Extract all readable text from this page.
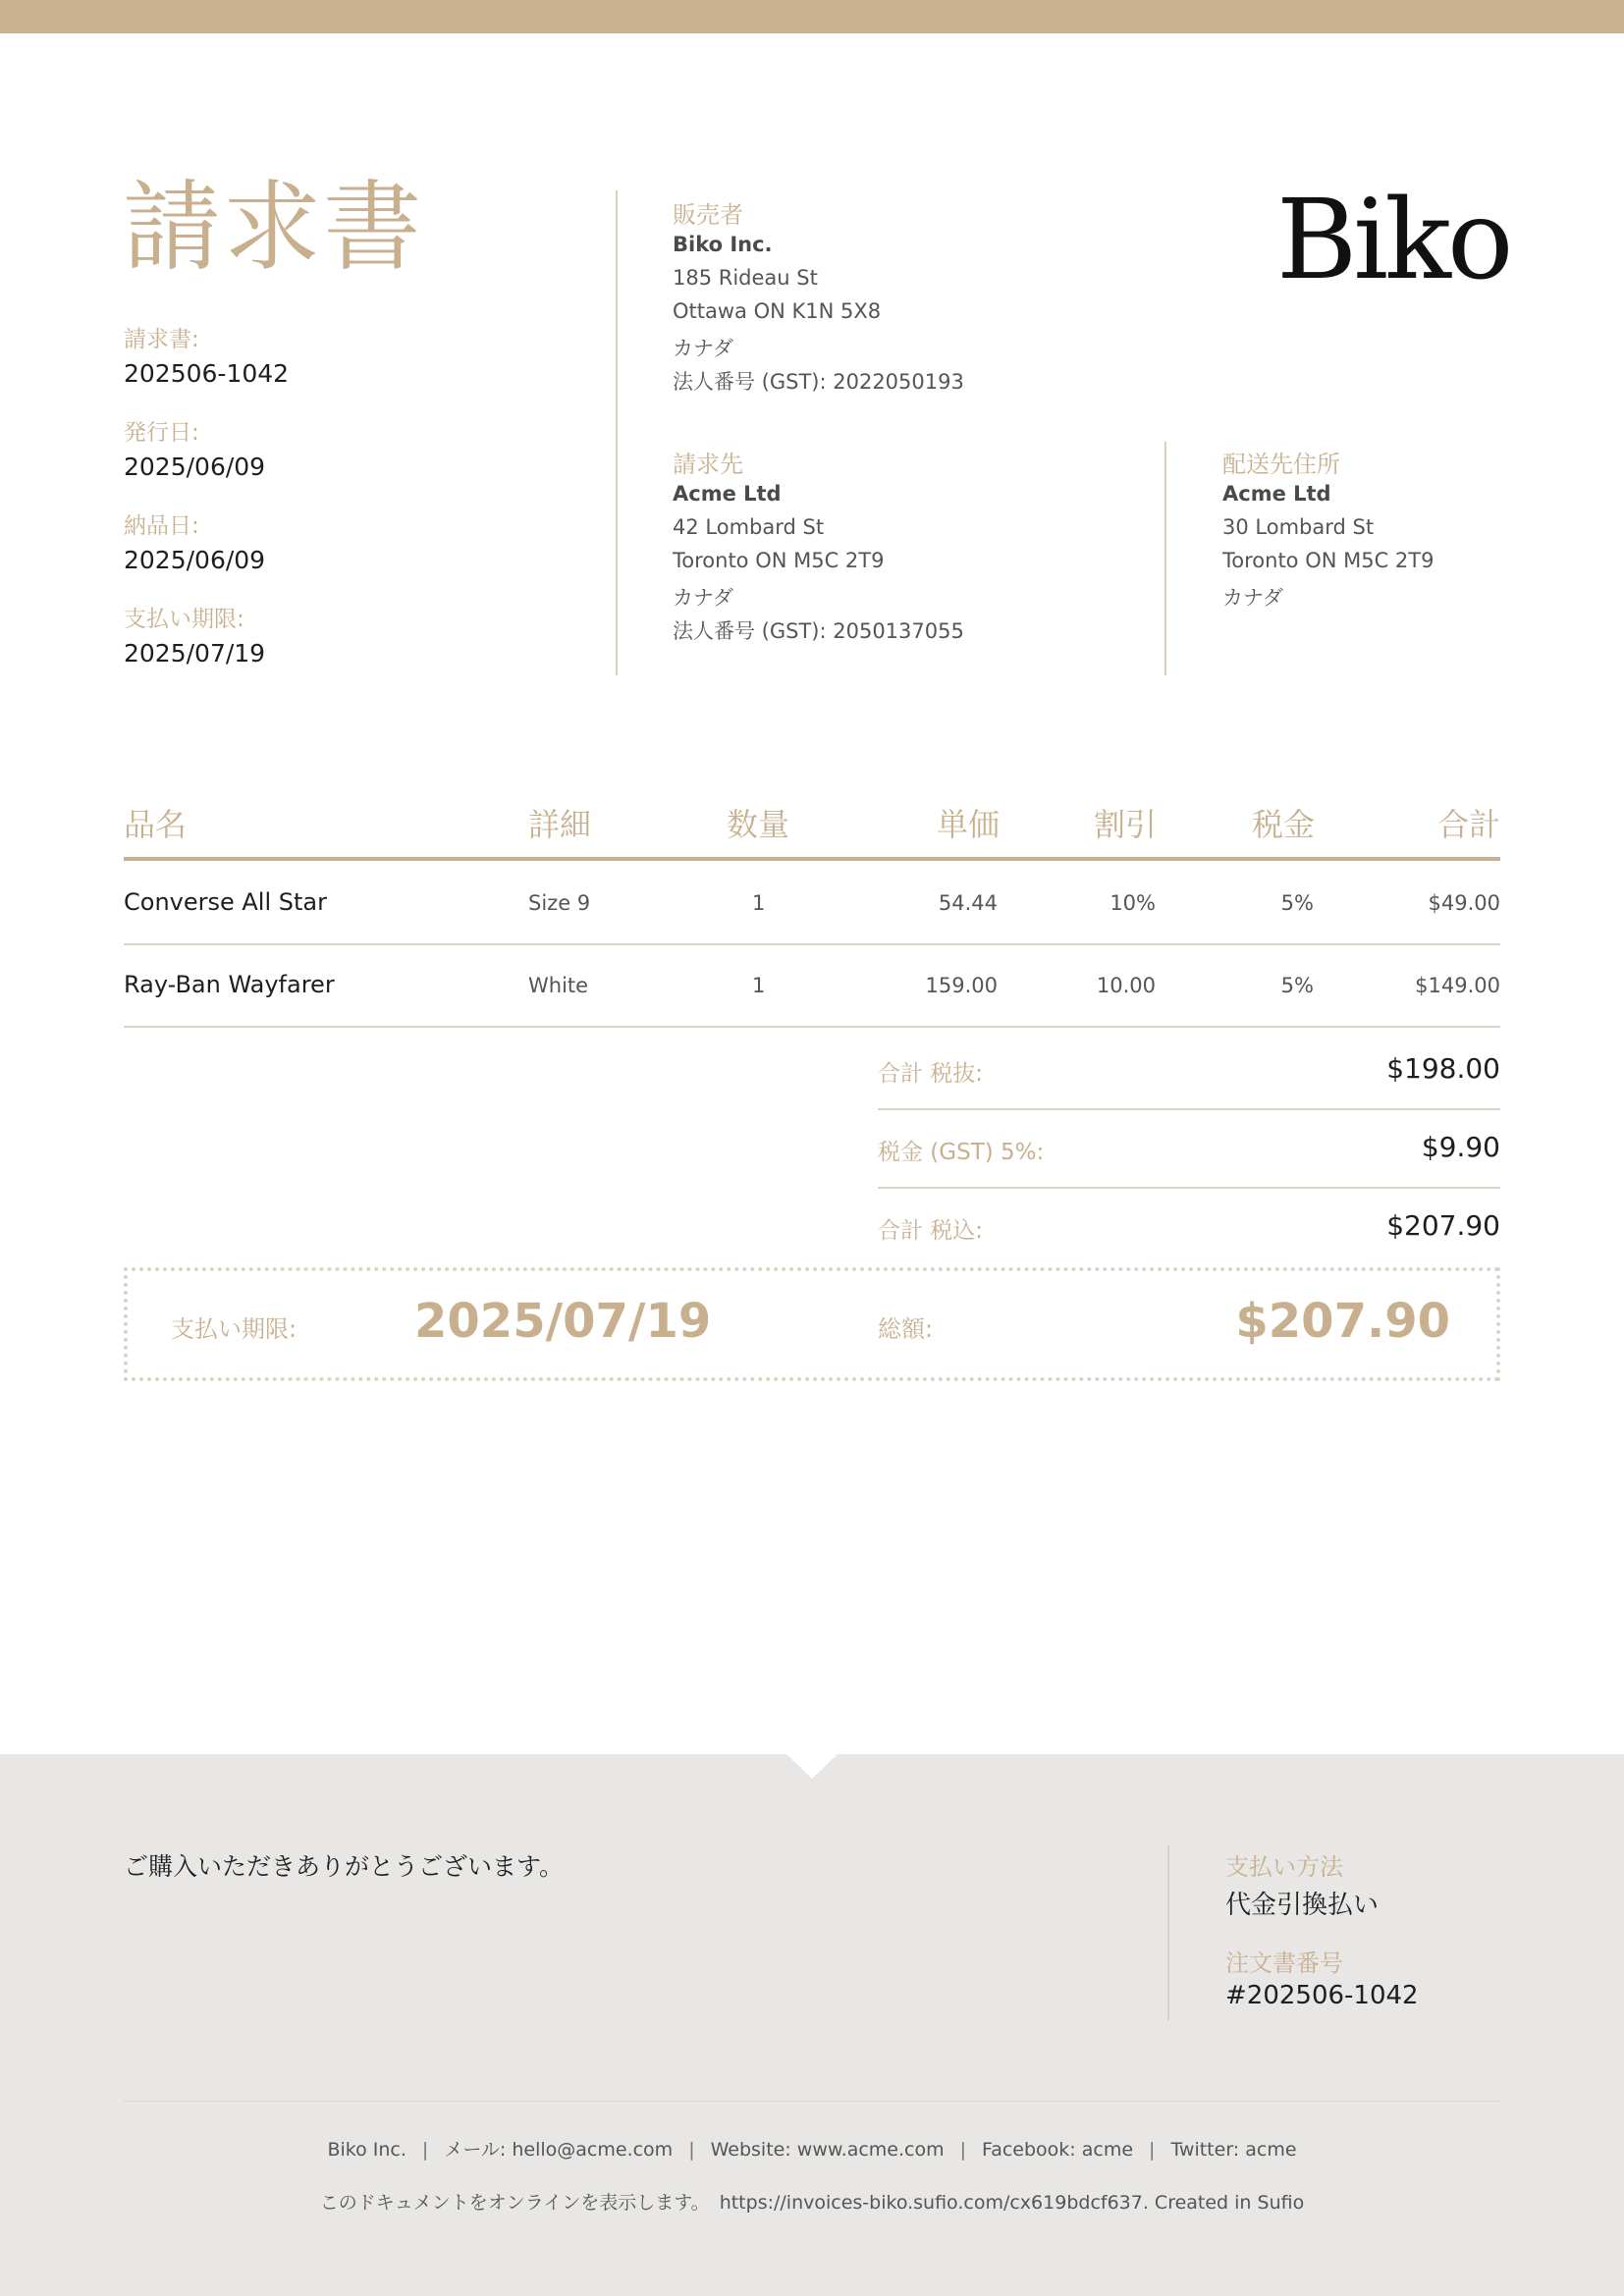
請求書
請求書:
202506-1042
発行日:
2025/06/09
納品日:
2025/06/09
支払い期限:
2025/07/19
販売者
Biko Inc.
185 Rideau St
Ottawa ON K1N 5X8
カナダ
法人番号 (GST): 2022050193
Biko
請求先
Acme Ltd
42 Lombard St
Toronto ON M5C 2T9
カナダ
法人番号 (GST): 2050137055
配送先住所
Acme Ltd
30 Lombard St
Toronto ON M5C 2T9
カナダ
品名	詳細	数量	単価	割引	税金	合計
Converse All Star	Size 9	1	54.44	10%	5%	$49.00
Ray-Ban Wayfarer	White	1	159.00	10.00	5%	$149.00
合計 税抜:	$198.00
税金 (GST) 5%:	$9.90
合計 税込:	$207.90
支払い期限: 2025/07/19	総額:	$207.90
ご購入いただきありがとうございます。	支払い方法
代金引換払い
注文書番号
#202506-1042
Biko Inc. | メール: hello@acme.com | Website: www.acme.com | Facebook: acme | Twitter: acme
このドキュメントをオンラインを表示します。 https://invoices-biko.sufio.com/cx619bdcf637. Created in Sufio
